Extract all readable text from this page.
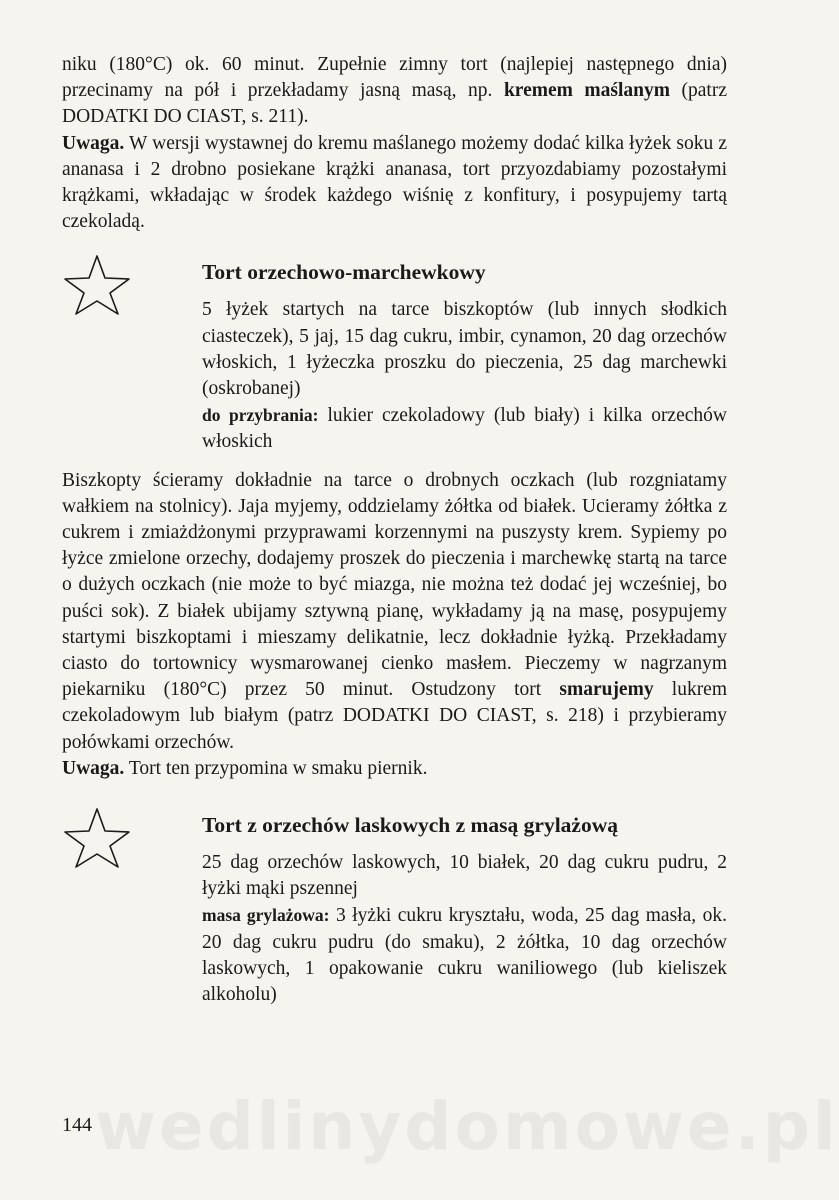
niku (180°C) ok. 60 minut. Zupełnie zimny tort (najlepiej następnego dnia) przecinamy na pół i przekładamy jasną masą, np. kremem maślanym (patrz DODATKI DO CIAST, s. 211).
Uwaga. W wersji wystawnej do kremu maślanego możemy dodać kilka łyżek soku z ananasa i 2 drobno posiekane krążki ananasa, tort przyozdabiamy pozostałymi krążkami, wkładając w środek każdego wiśnię z konfitury, i posypujemy tartą czekoladą.

Tort orzechowo-marchewkowy

5 łyżek startych na tarce biszkoptów (lub innych słodkich ciasteczek), 5 jaj, 15 dag cukru, imbir, cynamon, 20 dag orzechów włoskich, 1 łyżeczka proszku do pieczenia, 25 dag marchewki (oskrobanej)
do przybrania: lukier czekoladowy (lub biały) i kilka orzechów włoskich

Biszkopty ścieramy dokładnie na tarce o drobnych oczkach (lub rozgniatamy wałkiem na stolnicy). Jaja myjemy, oddzielamy żółtka od białek. Ucieramy żółtka z cukrem i zmiażdżonymi przyprawami korzennymi na puszysty krem. Sypiemy po łyżce zmielone orzechy, dodajemy proszek do pieczenia i marchewkę startą na tarce o dużych oczkach (nie może to być miazga, nie można też dodać jej wcześniej, bo puści sok). Z białek ubijamy sztywną pianę, wykładamy ją na masę, posypujemy startymi biszkoptami i mieszamy delikatnie, lecz dokładnie łyżką. Przekładamy ciasto do tortownicy wysmarowanej cienko masłem. Pieczemy w nagrzanym piekarniku (180°C) przez 50 minut. Ostudzony tort smarujemy lukrem czekoladowym lub białym (patrz DODATKI DO CIAST, s. 218) i przybieramy połówkami orzechów.
Uwaga. Tort ten przypomina w smaku piernik.

Tort z orzechów laskowych z masą grylażową

25 dag orzechów laskowych, 10 białek, 20 dag cukru pudru, 2 łyżki mąki pszennej
masa grylażowa: 3 łyżki cukru kryształu, woda, 25 dag masła, ok. 20 dag cukru pudru (do smaku), 2 żółtka, 10 dag orzechów laskowych, 1 opakowanie cukru waniliowego (lub kieliszek alkoholu)

wedlinydomowe.pl
144
